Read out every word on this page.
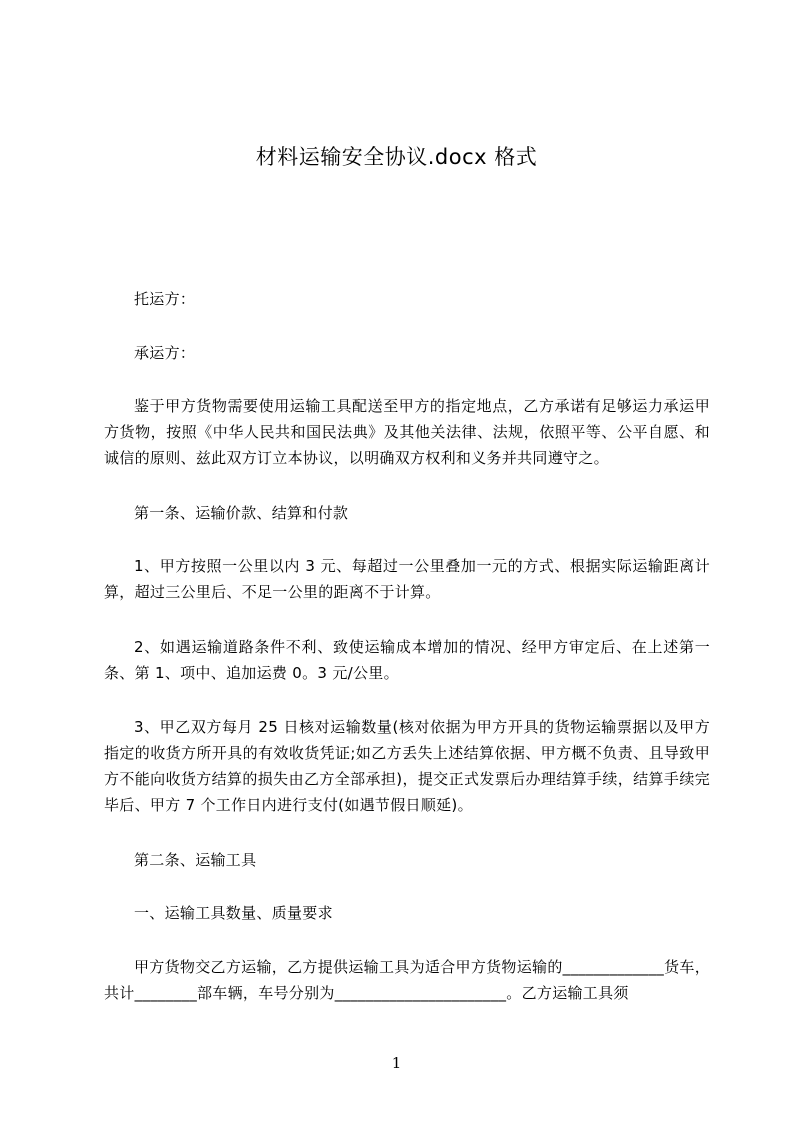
材料运输安全协议.docx 格式

托运方：

承运方：

鉴于甲方货物需要使用运输工具配送至甲方的指定地点，乙方承诺有足够运力承运甲方货物，按照《中华人民共和国民法典》及其他关法律、法规，依照平等、公平自愿、和诚信的原则、兹此双方订立本协议，以明确双方权利和义务并共同遵守之。

第一条、运输价款、结算和付款

1、甲方按照一公里以内 3 元、每超过一公里叠加一元的方式、根据实际运输距离计算，超过三公里后、不足一公里的距离不于计算。

2、如遇运输道路条件不利、致使运输成本增加的情况、经甲方审定后、在上述第一条、第 1、项中、追加运费 0。3 元/公里。

3、甲乙双方每月 25 日核对运输数量(核对依据为甲方开具的货物运输票据以及甲方指定的收货方所开具的有效收货凭证;如乙方丢失上述结算依据、甲方概不负责、且导致甲方不能向收货方结算的损失由乙方全部承担)，提交正式发票后办理结算手续，结算手续完毕后、甲方 7 个工作日内进行支付(如遇节假日顺延)。

第二条、运输工具

一、运输工具数量、质量要求

甲方货物交乙方运输，乙方提供运输工具为适合甲方货物运输的_____________货车，共计________部车辆，车号分别为______________________。乙方运输工具须

1
